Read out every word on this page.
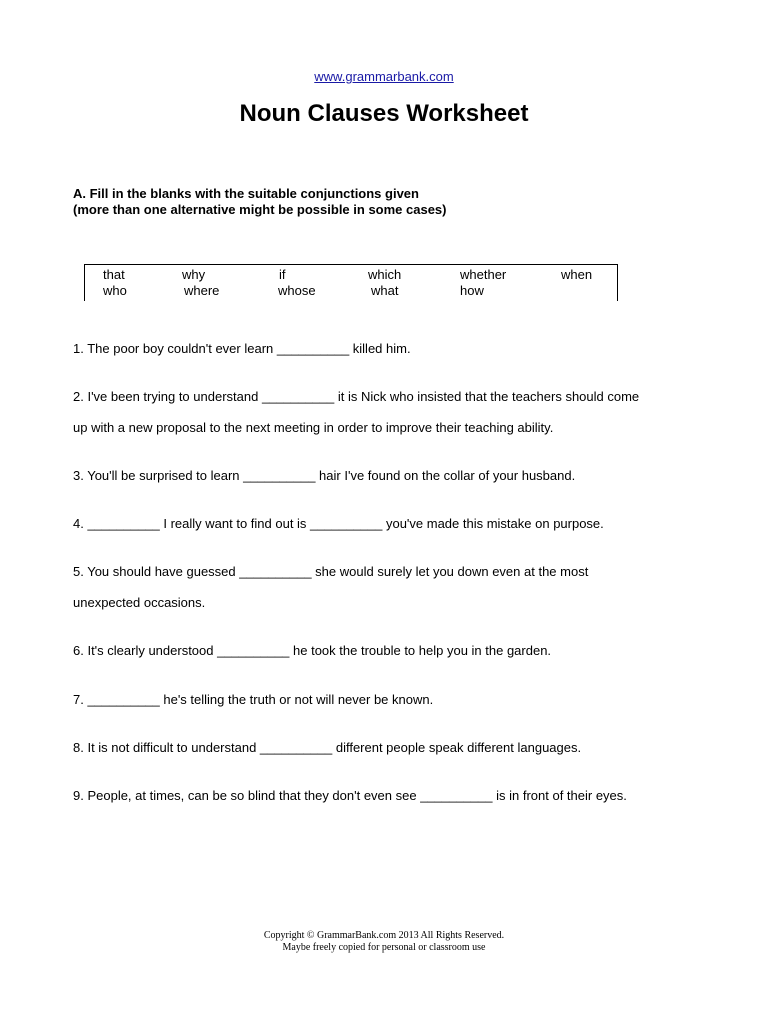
www.grammarbank.com
Noun Clauses Worksheet
A. Fill in the blanks with the suitable conjunctions given
(more than one alternative might be possible in some cases)
that	why	if	which	whether	when
who	where	whose	what	how
1. The poor boy couldn't ever learn __________ killed him.
2. I've been trying to understand __________ it is Nick who insisted that the teachers should come
up with a new proposal to the next meeting in order to improve their teaching ability.
3. You'll be surprised to learn __________ hair I've found on the collar of your husband.
4. __________ I really want to find out is __________ you've made this mistake on purpose.
5. You should have guessed __________ she would surely let you down even at the most
unexpected occasions.
6. It's clearly understood __________ he took the trouble to help you in the garden.
7. __________ he's telling the truth or not will never be known.
8. It is not difficult to understand __________ different people speak different languages.
9. People, at times, can be so blind that they don't even see __________ is in front of their eyes.
Copyright © GrammarBank.com 2013 All Rights Reserved.
Maybe freely copied for personal or classroom use
